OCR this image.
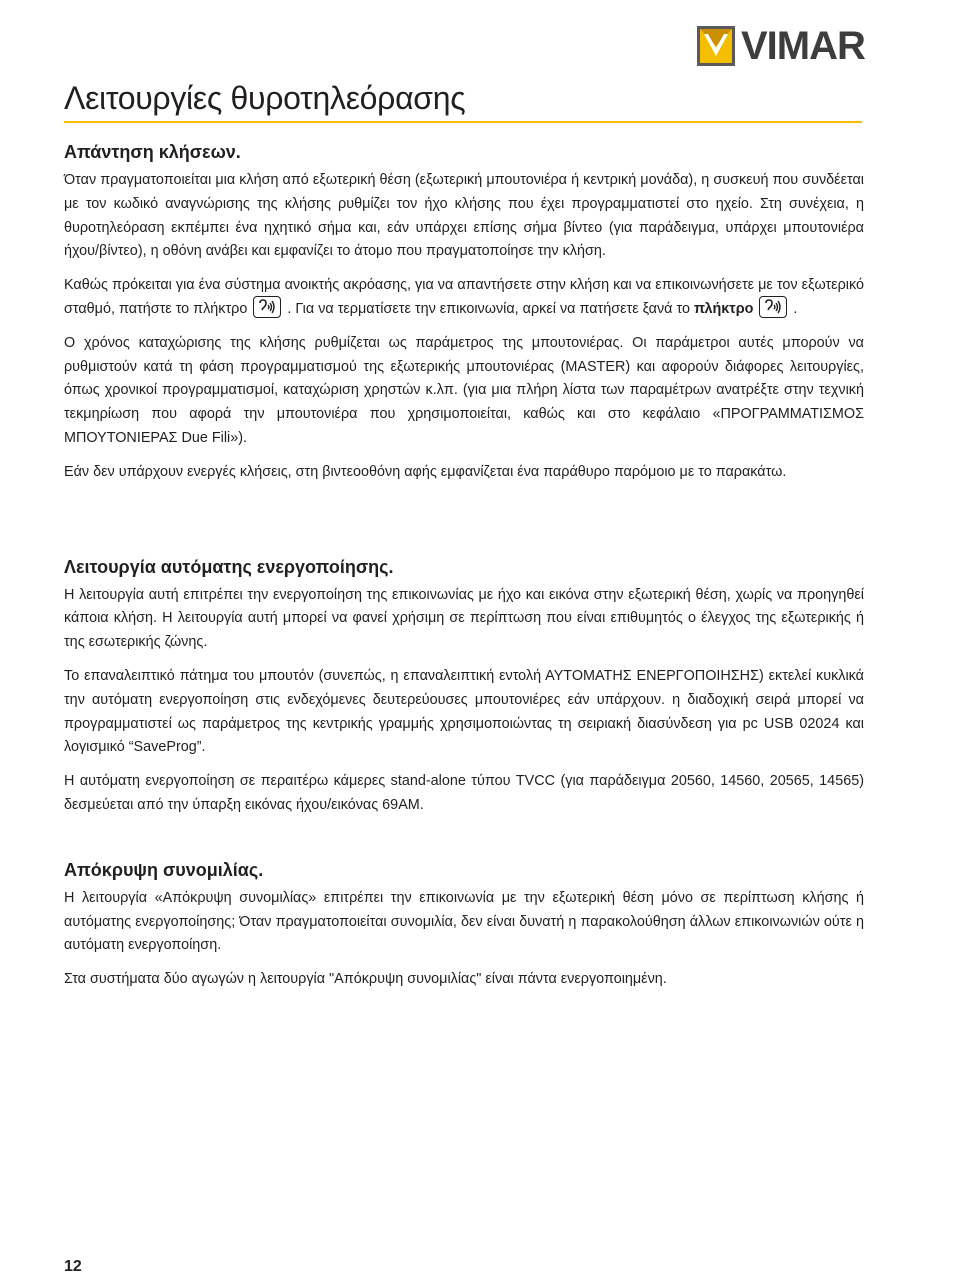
VIMAR
Λειτουργίες θυροτηλεόρασης
Απάντηση κλήσεων.

Όταν πραγματοποιείται μια κλήση από εξωτερική θέση (εξωτερική μπουτονιέρα ή κεντρική μονάδα), η συσκευή που συνδέεται με τον κωδικό αναγνώρισης της κλήσης ρυθμίζει τον ήχο κλήσης που έχει προγραμματιστεί στο ηχείο. Στη συνέχεια, η θυροτηλεόραση εκπέμπει ένα ηχητικό σήμα και, εάν υπάρχει επίσης σήμα βίντεο (για παράδειγμα, υπάρχει μπουτονιέρα ήχου/βίντεο), η οθόνη ανάβει και εμφανίζει το άτομο που πραγματοποίησε την κλήση.

Καθώς πρόκειται για ένα σύστημα ανοικτής ακρόασης, για να απαντήσετε στην κλήση και να επικοινωνήσετε με τον εξωτερικό σταθμό, πατήστε το πλήκτρο	. Για να τερματίσετε την επικοινωνία, αρκεί να πατήσετε ξανά το πλήκτρο	.

Ο χρόνος καταχώρισης της κλήσης ρυθμίζεται ως παράμετρος της μπουτονιέρας. Οι παράμετροι αυτές μπορούν να ρυθμιστούν κατά τη φάση προγραμματισμού της εξωτερικής μπουτονιέρας (MASTER) και αφορούν διάφορες λειτουργίες, όπως χρονικοί προγραμματισμοί, καταχώριση χρηστών κ.λπ. (για μια πλήρη λίστα των παραμέτρων ανατρέξτε στην τεχνική τεκμηρίωση που αφορά την μπουτονιέρα που χρησιμοποιείται, καθώς και στο κεφάλαιο «ΠΡΟΓΡΑΜΜΑΤΙΣΜΟΣ ΜΠΟΥΤΟΝΙΕΡΑΣ Due Fili»).

Εάν δεν υπάρχουν ενεργές κλήσεις, στη βιντεοοθόνη αφής εμφανίζεται ένα παράθυρο παρόμοιο με το παρακάτω.

Λειτουργία αυτόματης ενεργοποίησης.

Η λειτουργία αυτή επιτρέπει την ενεργοποίηση της επικοινωνίας με ήχο και εικόνα στην εξωτερική θέση, χωρίς να προηγηθεί κάποια κλήση. Η λειτουργία αυτή μπορεί να φανεί χρήσιμη σε περίπτωση που είναι επιθυμητός ο έλεγχος της εξωτερικής ή της εσωτερικής ζώνης.

Το επαναλειπτικό πάτημα του μπουτόν (συνεπώς, η επαναλειπτική εντολή ΑΥΤΟΜΑΤΗΣ ΕΝΕΡΓΟΠΟΙΗΣΗΣ) εκτελεί κυκλικά την αυτόματη ενεργοποίηση στις ενδεχόμενες δευτερεύουσες μπουτονιέρες εάν υπάρχουν. η διαδοχική σειρά μπορεί να προγραμματιστεί ως παράμετρος της κεντρικής γραμμής χρησιμοποιώντας τη σειριακή διασύνδεση για pc USB 02024 και λογισμικό “SaveProg”.

Η αυτόματη ενεργοποίηση σε περαιτέρω κάμερες stand-alone τύπου TVCC (για παράδειγμα 20560, 14560, 20565, 14565) δεσμεύεται από την ύπαρξη εικόνας ήχου/εικόνας 69AM.

Απόκρυψη συνομιλίας.

Η λειτουργία «Απόκρυψη συνομιλίας» επιτρέπει την επικοινωνία με την εξωτερική θέση μόνο σε περίπτωση κλήσης ή αυτόματης ενεργοποίησης; Όταν πραγματοποιείται συνομιλία, δεν είναι δυνατή η παρακολούθηση άλλων επικοινωνιών ούτε η αυτόματη ενεργοποίηση.

Στα συστήματα δύο αγωγών η λειτουργία "Απόκρυψη συνομιλίας" είναι πάντα ενεργοποιημένη.

12
